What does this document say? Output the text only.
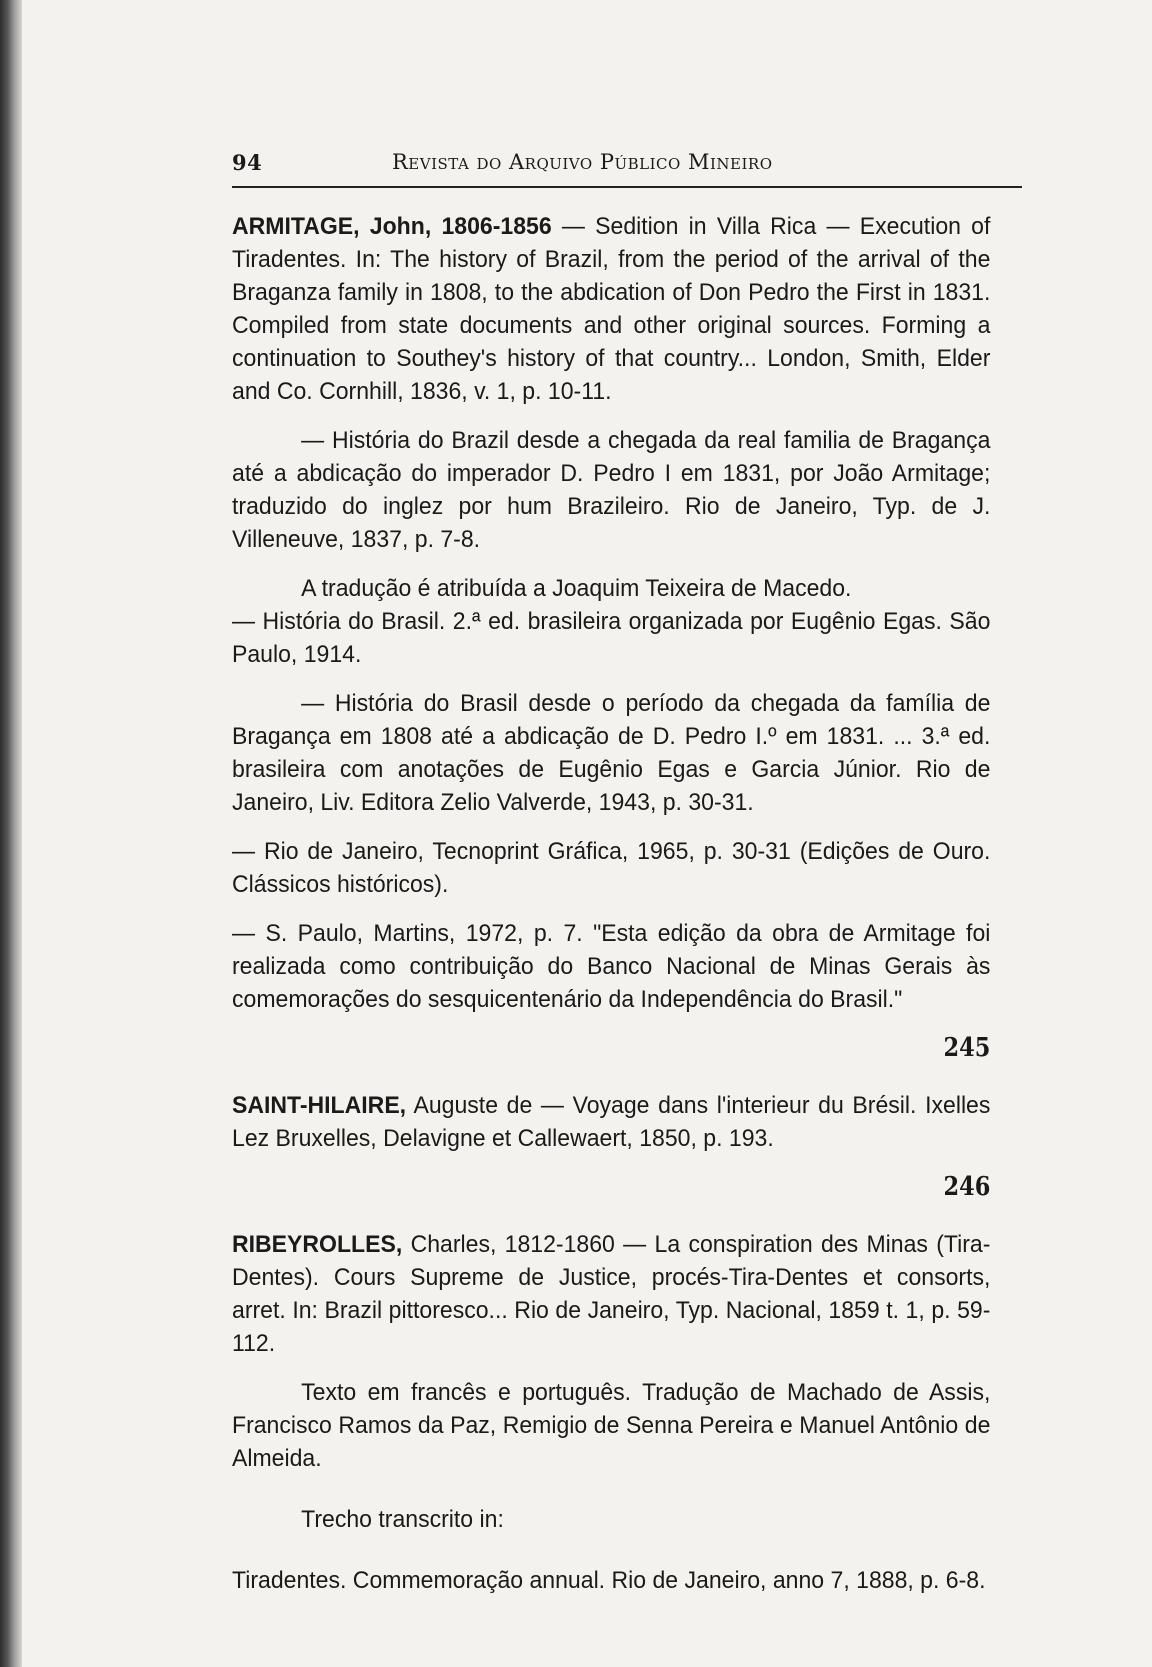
94	Revista do Arquivo Público Mineiro

ARMITAGE, John, 1806-1856 — Sedition in Villa Rica — Execution of Tiradentes. In: The history of Brazil, from the period of the arrival of the Braganza family in 1808, to the abdication of Don Pedro the First in 1831. Compiled from state documents and other original sources. Forming a continuation to Southey's history of that country... London, Smith, Elder and Co. Cornhill, 1836, v. 1, p. 10-11.

— História do Brazil desde a chegada da real familia de Bragança até a abdicação do imperador D. Pedro I em 1831, por João Armitage; traduzido do inglez por hum Brazileiro. Rio de Janeiro, Typ. de J. Villeneuve, 1837, p. 7-8.

A tradução é atribuída a Joaquim Teixeira de Macedo.

— História do Brasil. 2.ª ed. brasileira organizada por Eugênio Egas. São Paulo, 1914.

— História do Brasil desde o período da chegada da família de Bragança em 1808 até a abdicação de D. Pedro I.º em 1831. ... 3.ª ed. brasileira com anotações de Eugênio Egas e Garcia Júnior. Rio de Janeiro, Liv. Editora Zelio Valverde, 1943, p. 30-31.

— Rio de Janeiro, Tecnoprint Gráfica, 1965, p. 30-31 (Edições de Ouro. Clássicos históricos).

— S. Paulo, Martins, 1972, p. 7. "Esta edição da obra de Armitage foi realizada como contribuição do Banco Nacional de Minas Gerais às comemorações do sesquicentenário da Independência do Brasil."

245

SAINT-HILAIRE, Auguste de — Voyage dans l'interieur du Brésil. Ixelles Lez Bruxelles, Delavigne et Callewaert, 1850, p. 193.

246

RIBEYROLLES, Charles, 1812-1860 — La conspiration des Minas (Tira-Dentes). Cours Supreme de Justice, procés-Tira-Dentes et consorts, arret. In: Brazil pittoresco... Rio de Janeiro, Typ. Nacional, 1859 t. 1, p. 59-112.

Texto em francês e português. Tradução de Machado de Assis, Francisco Ramos da Paz, Remigio de Senna Pereira e Manuel Antônio de Almeida.

Trecho transcrito in:

Tiradentes. Commemoração annual. Rio de Janeiro, anno 7, 1888, p. 6-8.
